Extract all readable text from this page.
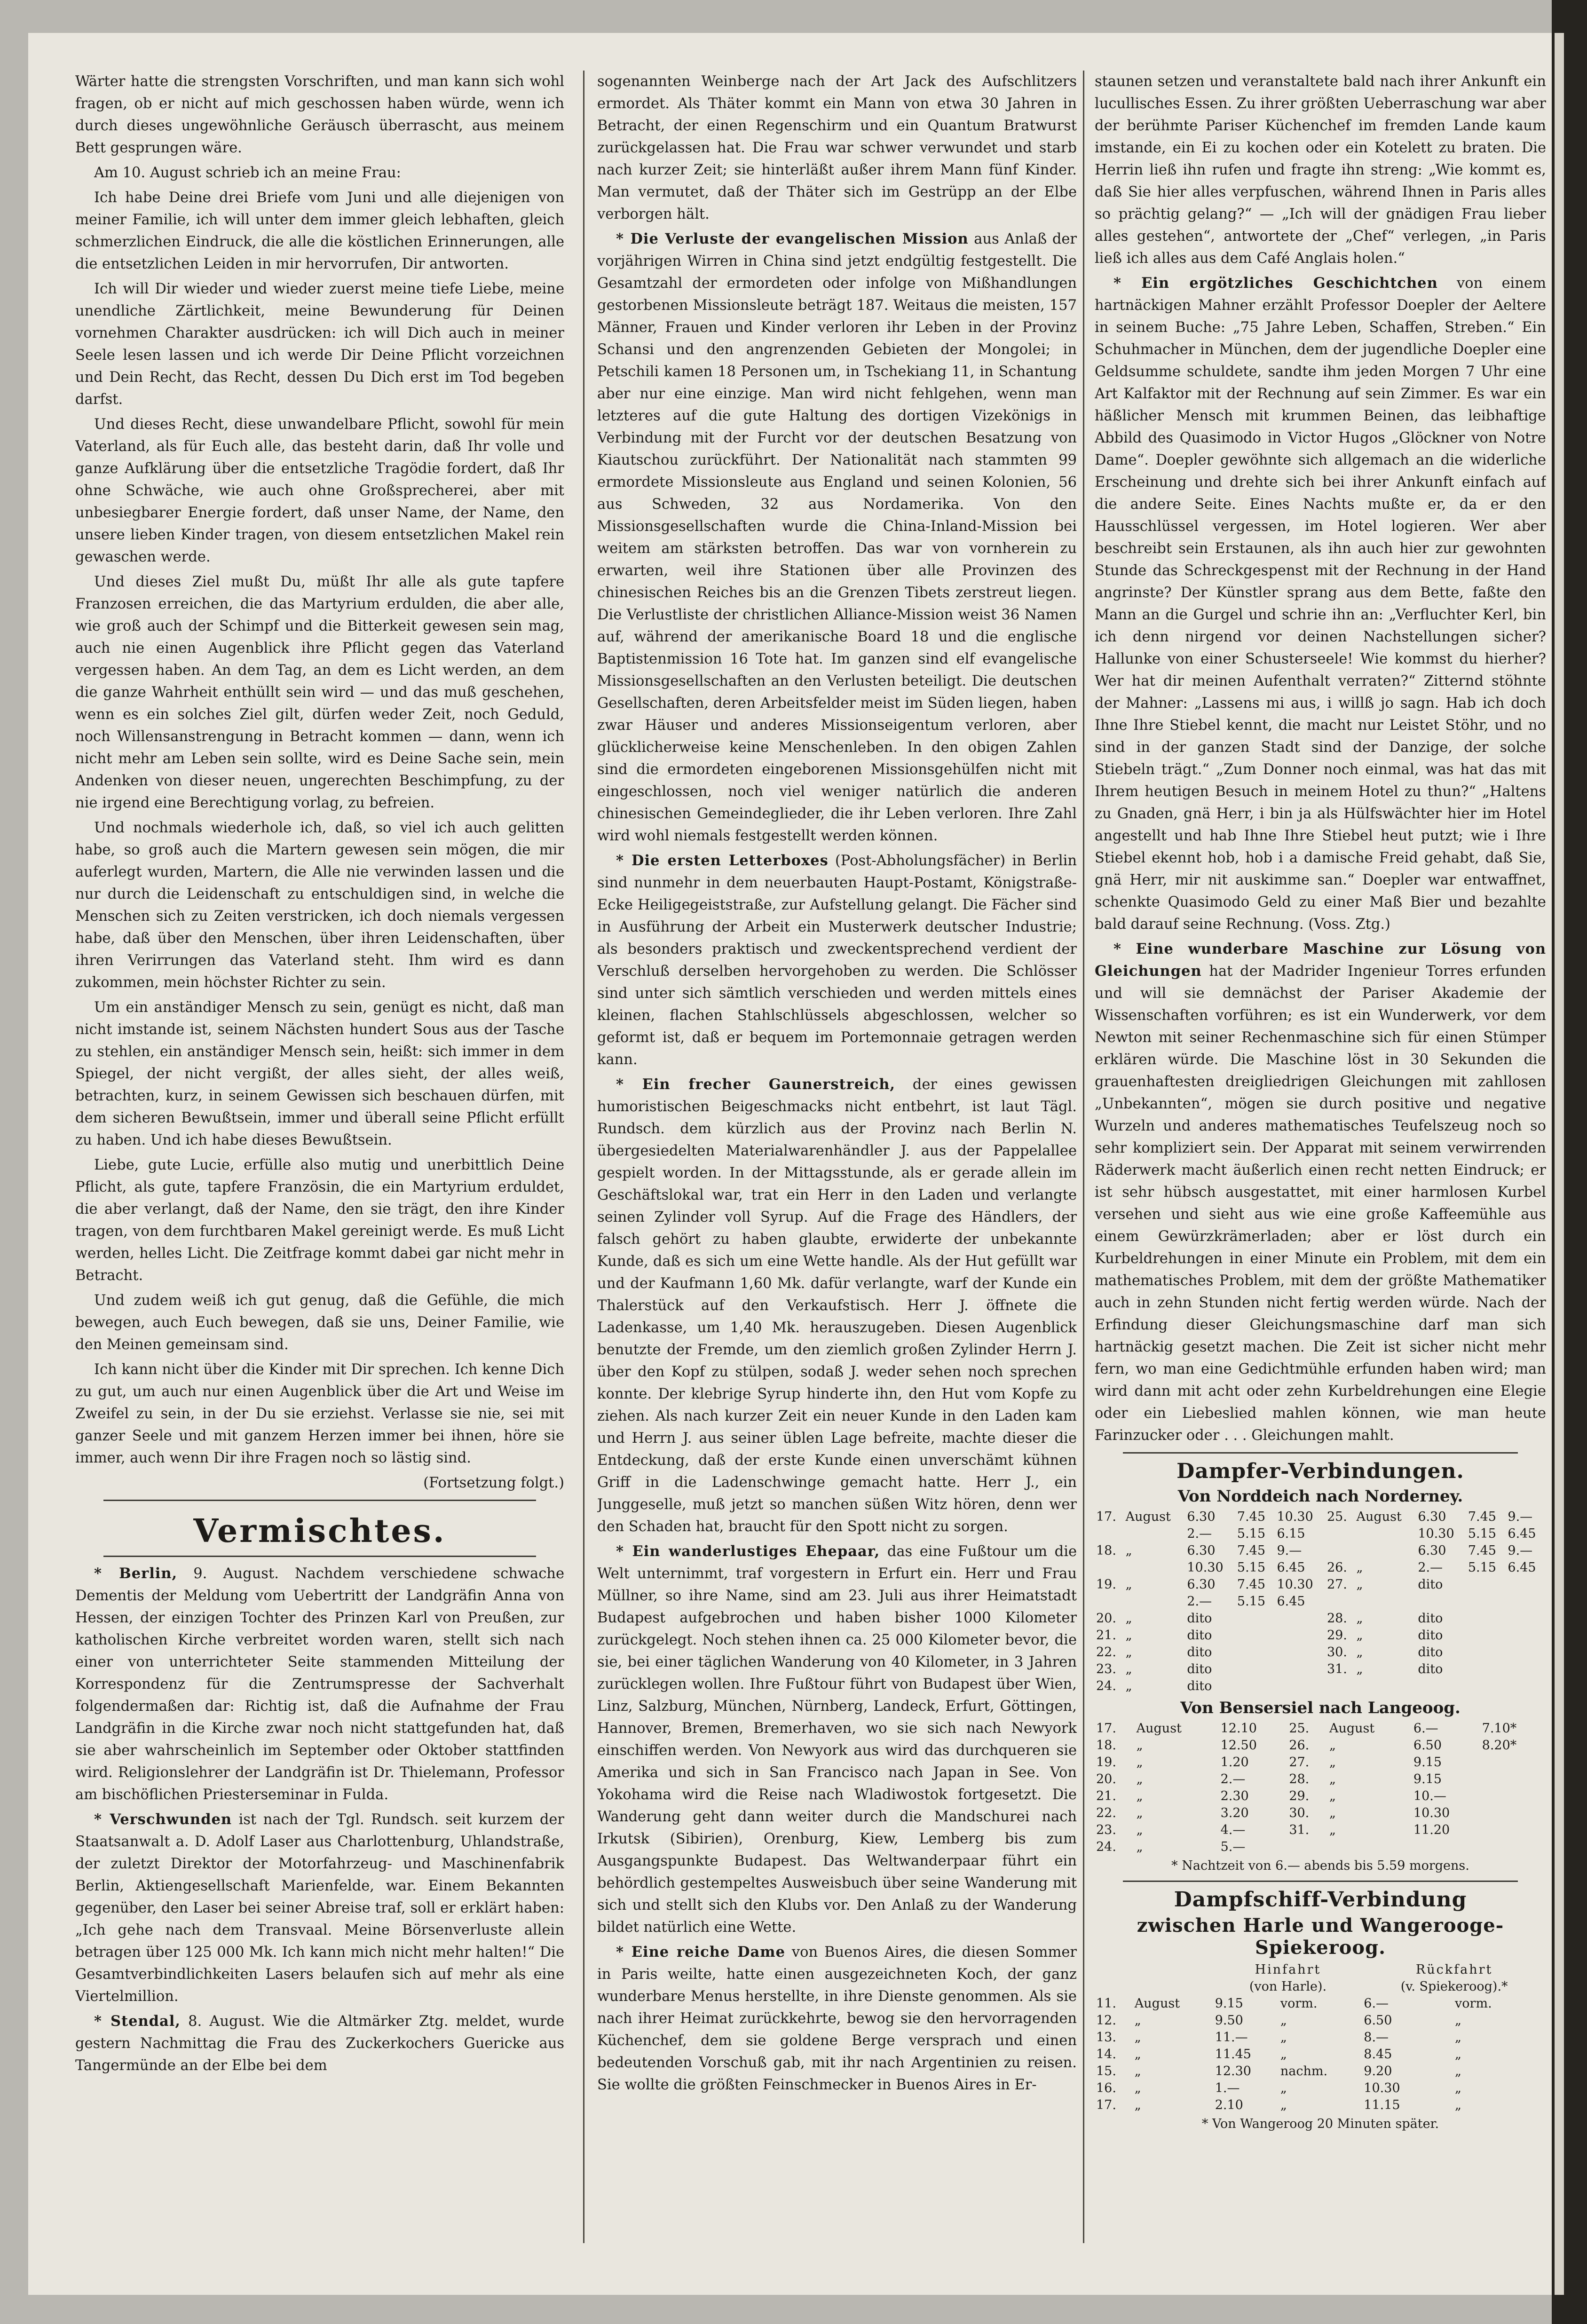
Wärter hatte die strengsten Vorschriften, und man kann sich wohl fragen, ob er nicht auf mich geschossen haben würde, wenn ich durch dieses ungewöhnliche Geräusch überrascht, aus meinem Bett gesprungen wäre.

Am 10. August schrieb ich an meine Frau:

Ich habe Deine drei Briefe vom Juni und alle diejenigen von meiner Familie, ich will unter dem immer gleich lebhaften, gleich schmerzlichen Eindruck, die alle die köstlichen Erinnerungen, alle die entsetzlichen Leiden in mir hervorrufen, Dir antworten.

Ich will Dir wieder und wieder zuerst meine tiefe Liebe, meine unendliche Zärtlichkeit, meine Bewunderung für Deinen vornehmen Charakter ausdrücken: ich will Dich auch in meiner Seele lesen lassen und ich werde Dir Deine Pflicht vorzeichnen und Dein Recht, das Recht, dessen Du Dich erst im Tod begeben darfst.

Und dieses Recht, diese unwandelbare Pflicht, sowohl für mein Vaterland, als für Euch alle, das besteht darin, daß Ihr volle und ganze Aufklärung über die entsetzliche Tragödie fordert, daß Ihr ohne Schwäche, wie auch ohne Großsprecherei, aber mit unbesiegbarer Energie fordert, daß unser Name, der Name, den unsere lieben Kinder tragen, von diesem entsetzlichen Makel rein gewaschen werde.

Und dieses Ziel mußt Du, müßt Ihr alle als gute tapfere Franzosen erreichen, die das Martyrium erdulden, die aber alle, wie groß auch der Schimpf und die Bitterkeit gewesen sein mag, auch nie einen Augenblick ihre Pflicht gegen das Vaterland vergessen haben. An dem Tag, an dem es Licht werden, an dem die ganze Wahrheit enthüllt sein wird — und das muß geschehen, wenn es ein solches Ziel gilt, dürfen weder Zeit, noch Geduld, noch Willensanstrengung in Betracht kommen — dann, wenn ich nicht mehr am Leben sein sollte, wird es Deine Sache sein, mein Andenken von dieser neuen, ungerechten Beschimpfung, zu der nie irgend eine Berechtigung vorlag, zu befreien.

Und nochmals wiederhole ich, daß, so viel ich auch gelitten habe, so groß auch die Martern gewesen sein mögen, die mir auferlegt wurden, Martern, die Alle nie verwinden lassen und die nur durch die Leidenschaft zu entschuldigen sind, in welche die Menschen sich zu Zeiten verstricken, ich doch niemals vergessen habe, daß über den Menschen, über ihren Leidenschaften, über ihren Verirrungen das Vaterland steht. Ihm wird es dann zukommen, mein höchster Richter zu sein.

Um ein anständiger Mensch zu sein, genügt es nicht, daß man nicht imstande ist, seinem Nächsten hundert Sous aus der Tasche zu stehlen, ein anständiger Mensch sein, heißt: sich immer in dem Spiegel, der nicht vergißt, der alles sieht, der alles weiß, betrachten, kurz, in seinem Gewissen sich beschauen dürfen, mit dem sicheren Bewußtsein, immer und überall seine Pflicht erfüllt zu haben. Und ich habe dieses Bewußtsein.

Liebe, gute Lucie, erfülle also mutig und unerbittlich Deine Pflicht, als gute, tapfere Französin, die ein Martyrium erduldet, die aber verlangt, daß der Name, den sie trägt, den ihre Kinder tragen, von dem furchtbaren Makel gereinigt werde. Es muß Licht werden, helles Licht. Die Zeitfrage kommt dabei gar nicht mehr in Betracht.

Und zudem weiß ich gut genug, daß die Gefühle, die mich bewegen, auch Euch bewegen, daß sie uns, Deiner Familie, wie den Meinen gemeinsam sind.

Ich kann nicht über die Kinder mit Dir sprechen. Ich kenne Dich zu gut, um auch nur einen Augenblick über die Art und Weise im Zweifel zu sein, in der Du sie erziehst. Verlasse sie nie, sei mit ganzer Seele und mit ganzem Herzen immer bei ihnen, höre sie immer, auch wenn Dir ihre Fragen noch so lästig sind.

(Fortsetzung folgt.)

Vermischtes.

* Berlin, 9. August. Nachdem verschiedene schwache Dementis der Meldung vom Uebertritt der Landgräfin Anna von Hessen, der einzigen Tochter des Prinzen Karl von Preußen, zur katholischen Kirche verbreitet worden waren, stellt sich nach einer von unterrichteter Seite stammenden Mitteilung der Korrespondenz für die Zentrumspresse der Sachverhalt folgendermaßen dar: Richtig ist, daß die Aufnahme der Frau Landgräfin in die Kirche zwar noch nicht stattgefunden hat, daß sie aber wahrscheinlich im September oder Oktober stattfinden wird. Religionslehrer der Landgräfin ist Dr. Thielemann, Professor am bischöflichen Priesterseminar in Fulda.

* Verschwunden ist nach der Tgl. Rundsch. seit kurzem der Staatsanwalt a. D. Adolf Laser aus Charlottenburg, Uhlandstraße, der zuletzt Direktor der Motorfahrzeug- und Maschinenfabrik Berlin, Aktiengesellschaft Marienfelde, war. Einem Bekannten gegenüber, den Laser bei seiner Abreise traf, soll er erklärt haben: „Ich gehe nach dem Transvaal. Meine Börsenverluste allein betragen über 125 000 Mk. Ich kann mich nicht mehr halten!“ Die Gesamtverbindlichkeiten Lasers belaufen sich auf mehr als eine Viertelmillion.

* Stendal, 8. August. Wie die Altmärker Ztg. meldet, wurde gestern Nachmittag die Frau des Zuckerkochers Guericke aus Tangermünde an der Elbe bei dem

sogenannten Weinberge nach der Art Jack des Aufschlitzers ermordet. Als Thäter kommt ein Mann von etwa 30 Jahren in Betracht, der einen Regenschirm und ein Quantum Bratwurst zurückgelassen hat. Die Frau war schwer verwundet und starb nach kurzer Zeit; sie hinterläßt außer ihrem Mann fünf Kinder. Man vermutet, daß der Thäter sich im Gestrüpp an der Elbe verborgen hält.

* Die Verluste der evangelischen Mission aus Anlaß der vorjährigen Wirren in China sind jetzt endgültig festgestellt. Die Gesamtzahl der ermordeten oder infolge von Mißhandlungen gestorbenen Missionsleute beträgt 187. Weitaus die meisten, 157 Männer, Frauen und Kinder verloren ihr Leben in der Provinz Schansi und den angrenzenden Gebieten der Mongolei; in Petschili kamen 18 Personen um, in Tschekiang 11, in Schantung aber nur eine einzige. Man wird nicht fehlgehen, wenn man letzteres auf die gute Haltung des dortigen Vizekönigs in Verbindung mit der Furcht vor der deutschen Besatzung von Kiautschou zurückführt. Der Nationalität nach stammten 99 ermordete Missionsleute aus England und seinen Kolonien, 56 aus Schweden, 32 aus Nordamerika. Von den Missionsgesellschaften wurde die China-Inland-Mission bei weitem am stärksten betroffen. Das war von vornherein zu erwarten, weil ihre Stationen über alle Provinzen des chinesischen Reiches bis an die Grenzen Tibets zerstreut liegen. Die Verlustliste der christlichen Alliance-Mission weist 36 Namen auf, während der amerikanische Board 18 und die englische Baptistenmission 16 Tote hat. Im ganzen sind elf evangelische Missionsgesellschaften an den Verlusten beteiligt. Die deutschen Gesellschaften, deren Arbeitsfelder meist im Süden liegen, haben zwar Häuser und anderes Missionseigentum verloren, aber glücklicherweise keine Menschenleben. In den obigen Zahlen sind die ermordeten eingeborenen Missionsgehülfen nicht mit eingeschlossen, noch viel weniger natürlich die anderen chinesischen Gemeindeglieder, die ihr Leben verloren. Ihre Zahl wird wohl niemals festgestellt werden können.

* Die ersten Letterboxes (Post-Abholungsfächer) in Berlin sind nunmehr in dem neuerbauten Haupt-Postamt, Königstraße-Ecke Heiligegeiststraße, zur Aufstellung gelangt. Die Fächer sind in Ausführung der Arbeit ein Musterwerk deutscher Industrie; als besonders praktisch und zweckentsprechend verdient der Verschluß derselben hervorgehoben zu werden. Die Schlösser sind unter sich sämtlich verschieden und werden mittels eines kleinen, flachen Stahlschlüssels abgeschlossen, welcher so geformt ist, daß er bequem im Portemonnaie getragen werden kann.

* Ein frecher Gaunerstreich, der eines gewissen humoristischen Beigeschmacks nicht entbehrt, ist laut Tägl. Rundsch. dem kürzlich aus der Provinz nach Berlin N. übergesiedelten Materialwarenhändler J. aus der Pappelallee gespielt worden. In der Mittagsstunde, als er gerade allein im Geschäftslokal war, trat ein Herr in den Laden und verlangte seinen Zylinder voll Syrup. Auf die Frage des Händlers, der falsch gehört zu haben glaubte, erwiderte der unbekannte Kunde, daß es sich um eine Wette handle. Als der Hut gefüllt war und der Kaufmann 1,60 Mk. dafür verlangte, warf der Kunde ein Thalerstück auf den Verkaufstisch. Herr J. öffnete die Ladenkasse, um 1,40 Mk. herauszugeben. Diesen Augenblick benutzte der Fremde, um den ziemlich großen Zylinder Herrn J. über den Kopf zu stülpen, sodaß J. weder sehen noch sprechen konnte. Der klebrige Syrup hinderte ihn, den Hut vom Kopfe zu ziehen. Als nach kurzer Zeit ein neuer Kunde in den Laden kam und Herrn J. aus seiner üblen Lage befreite, machte dieser die Entdeckung, daß der erste Kunde einen unverschämt kühnen Griff in die Ladenschwinge gemacht hatte. Herr J., ein Junggeselle, muß jetzt so manchen süßen Witz hören, denn wer den Schaden hat, braucht für den Spott nicht zu sorgen.

* Ein wanderlustiges Ehepaar, das eine Fußtour um die Welt unternimmt, traf vorgestern in Erfurt ein. Herr und Frau Müllner, so ihre Name, sind am 23. Juli aus ihrer Heimatstadt Budapest aufgebrochen und haben bisher 1000 Kilometer zurückgelegt. Noch stehen ihnen ca. 25 000 Kilometer bevor, die sie, bei einer täglichen Wanderung von 40 Kilometer, in 3 Jahren zurücklegen wollen. Ihre Fußtour führt von Budapest über Wien, Linz, Salzburg, München, Nürnberg, Landeck, Erfurt, Göttingen, Hannover, Bremen, Bremerhaven, wo sie sich nach Newyork einschiffen werden. Von Newyork aus wird das durchqueren sie Amerika und sich in San Francisco nach Japan in See. Von Yokohama wird die Reise nach Wladiwostok fortgesetzt. Die Wanderung geht dann weiter durch die Mandschurei nach Irkutsk (Sibirien), Orenburg, Kiew, Lemberg bis zum Ausgangspunkte Budapest. Das Weltwanderpaar führt ein behördlich gestempeltes Ausweisbuch über seine Wanderung mit sich und stellt sich den Klubs vor. Den Anlaß zu der Wanderung bildet natürlich eine Wette.

* Eine reiche Dame von Buenos Aires, die diesen Sommer in Paris weilte, hatte einen ausgezeichneten Koch, der ganz wunderbare Menus herstellte, in ihre Dienste genommen. Als sie nach ihrer Heimat zurückkehrte, bewog sie den hervorragenden Küchenchef, dem sie goldene Berge versprach und einen bedeutenden Vorschuß gab, mit ihr nach Argentinien zu reisen. Sie wollte die größten Feinschmecker in Buenos Aires in Er-

staunen setzen und veranstaltete bald nach ihrer Ankunft ein lucullisches Essen. Zu ihrer größten Ueberraschung war aber der berühmte Pariser Küchenchef im fremden Lande kaum imstande, ein Ei zu kochen oder ein Kotelett zu braten. Die Herrin ließ ihn rufen und fragte ihn streng: „Wie kommt es, daß Sie hier alles verpfuschen, während Ihnen in Paris alles so prächtig gelang?“ — „Ich will der gnädigen Frau lieber alles gestehen“, antwortete der „Chef“ verlegen, „in Paris ließ ich alles aus dem Café Anglais holen.“

* Ein ergötzliches Geschichtchen von einem hartnäckigen Mahner erzählt Professor Doepler der Aeltere in seinem Buche: „75 Jahre Leben, Schaffen, Streben.“ Ein Schuhmacher in München, dem der jugendliche Doepler eine Geldsumme schuldete, sandte ihm jeden Morgen 7 Uhr eine Art Kalfaktor mit der Rechnung auf sein Zimmer. Es war ein häßlicher Mensch mit krummen Beinen, das leibhaftige Abbild des Quasimodo in Victor Hugos „Glöckner von Notre Dame“. Doepler gewöhnte sich allgemach an die widerliche Erscheinung und drehte sich bei ihrer Ankunft einfach auf die andere Seite. Eines Nachts mußte er, da er den Hausschlüssel vergessen, im Hotel logieren. Wer aber beschreibt sein Erstaunen, als ihn auch hier zur gewohnten Stunde das Schreckgespenst mit der Rechnung in der Hand angrinste? Der Künstler sprang aus dem Bette, faßte den Mann an die Gurgel und schrie ihn an: „Verfluchter Kerl, bin ich denn nirgend vor deinen Nachstellungen sicher? Hallunke von einer Schusterseele! Wie kommst du hierher? Wer hat dir meinen Aufenthalt verraten?“ Zitternd stöhnte der Mahner: „Lassens mi aus, i willß jo sagn. Hab ich doch Ihne Ihre Stiebel kennt, die macht nur Leistet Stöhr, und no sind in der ganzen Stadt sind der Danzige, der solche Stiebeln trägt.“ „Zum Donner noch einmal, was hat das mit Ihrem heutigen Besuch in meinem Hotel zu thun?“ „Haltens zu Gnaden, gnä Herr, i bin ja als Hülfswächter hier im Hotel angestellt und hab Ihne Ihre Stiebel heut putzt; wie i Ihre Stiebel ekennt hob, hob i a damische Freid gehabt, daß Sie, gnä Herr, mir nit auskimme san.“ Doepler war entwaffnet, schenkte Quasimodo Geld zu einer Maß Bier und bezahlte bald darauf seine Rechnung. (Voss. Ztg.)

* Eine wunderbare Maschine zur Lösung von Gleichungen hat der Madrider Ingenieur Torres erfunden und will sie demnächst der Pariser Akademie der Wissenschaften vorführen; es ist ein Wunderwerk, vor dem Newton mit seiner Rechenmaschine sich für einen Stümper erklären würde. Die Maschine löst in 30 Sekunden die grauenhaftesten dreigliedrigen Gleichungen mit zahllosen „Unbekannten“, mögen sie durch positive und negative Wurzeln und anderes mathematisches Teufelszeug noch so sehr kompliziert sein. Der Apparat mit seinem verwirrenden Räderwerk macht äußerlich einen recht netten Eindruck; er ist sehr hübsch ausgestattet, mit einer harmlosen Kurbel versehen und sieht aus wie eine große Kaffeemühle aus einem Gewürzkrämerladen; aber er löst durch ein Kurbeldrehungen in einer Minute ein Problem, mit dem ein mathematisches Problem, mit dem der größte Mathematiker auch in zehn Stunden nicht fertig werden würde. Nach der Erfindung dieser Gleichungsmaschine darf man sich hartnäckig gesetzt machen. Die Zeit ist sicher nicht mehr fern, wo man eine Gedichtmühle erfunden haben wird; man wird dann mit acht oder zehn Kurbeldrehungen eine Elegie oder ein Liebeslied mahlen können, wie man heute Farinzucker oder . . . Gleichungen mahlt.

Dampfer-Verbindungen.
Von Norddeich nach Norderney.
17.	August	6.30	7.45	10.30	25.	August	6.30	7.45	9.—
		2.—	5.15	6.15			10.30	5.15	6.45
18.	„	6.30	7.45	9.—			6.30	7.45	9.—
		10.30	5.15	6.45	26.	„	2.—	5.15	6.45
19.	„	6.30	7.45	10.30	27.	„	dito		
		2.—	5.15	6.45					
20.	„	dito			28.	„	dito		
21.	„	dito			29.	„	dito		
22.	„	dito			30.	„	dito		
23.	„	dito			31.	„	dito		
24.	„	dito							
Von Bensersiel nach Langeoog.
17.	August	12.10	25.	August	6.—	7.10*
18.	„	12.50	26.	„	6.50	8.20*
19.	„	1.20	27.	„	9.15	
20.	„	2.—	28.	„	9.15	
21.	„	2.30	29.	„	10.—	
22.	„	3.20	30.	„	10.30	
23.	„	4.—	31.	„	11.20	
24.	„	5.—				
* Nachtzeit von 6.— abends bis 5.59 morgens.
Dampfschiff-Verbindung
zwischen Harle und Wangerooge-Spiekeroog.
		Hinfahrt		Rückfahrt	
		(von Harle).		(v. Spiekeroog).*	
11.	August	9.15	vorm.	6.—	vorm.
12.	„	9.50	„	6.50	„
13.	„	11.—	„	8.—	„
14.	„	11.45	„	8.45	„
15.	„	12.30	nachm.	9.20	„
16.	„	1.—	„	10.30	„
17.	„	2.10	„	11.15	„
* Von Wangeroog 20 Minuten später.
